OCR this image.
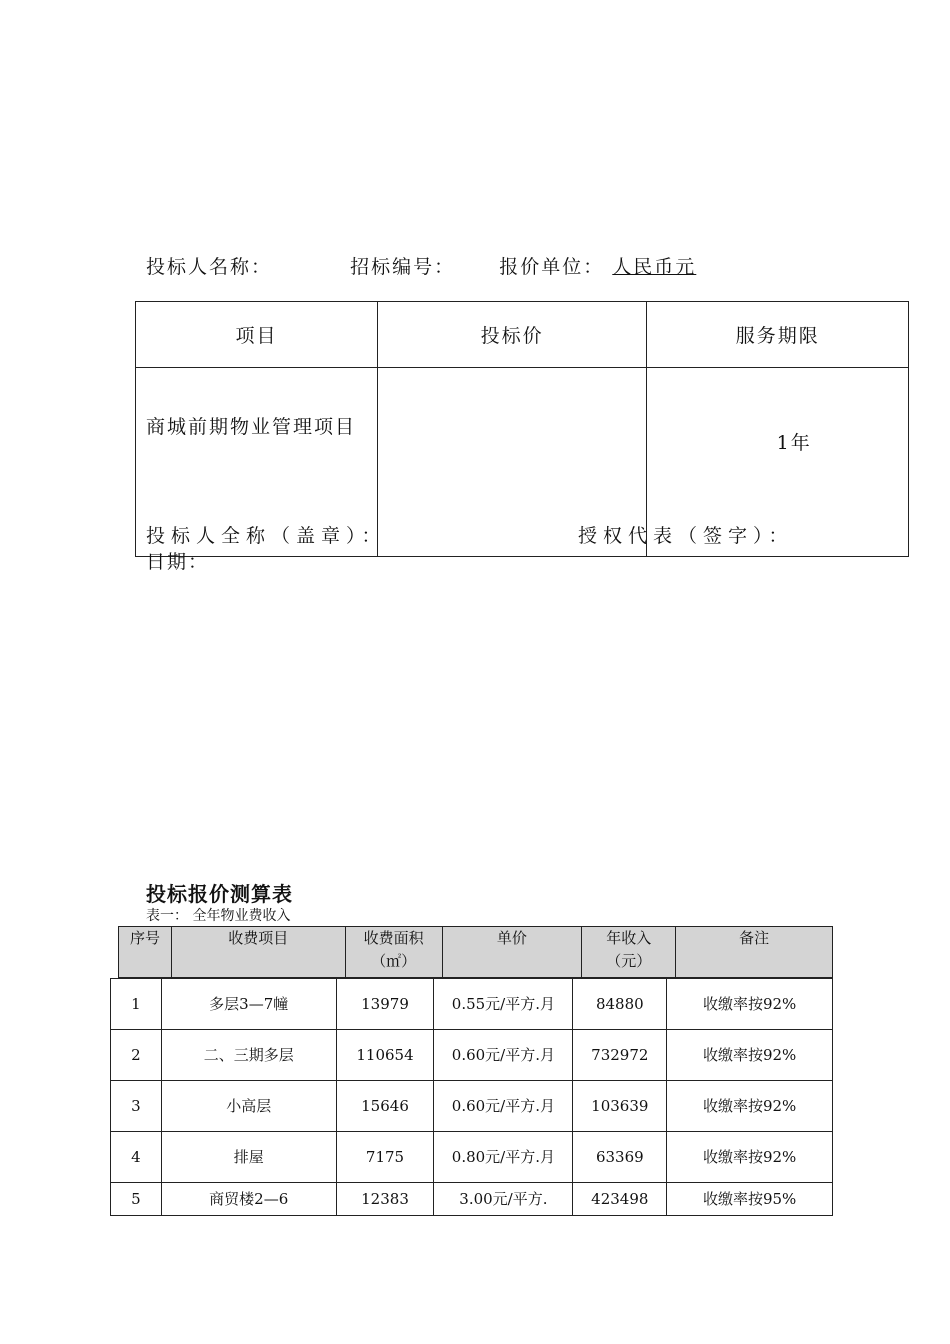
投标人名称：	招标编号： 报价单位： 人民币元
项目	投标价	服务期限
商城前期物业管理项目		1年
投标人全称（盖章）：	授权代表（签字）：
日期：
投标报价测算表
表一： 全年物业费收入
序号	收费项目	收费面积（㎡）	单价	年收入（元）	备注
1	多层3—7幢	13979	0.55元/平方.月	84880	收缴率按92%
2	二、三期多层	110654	0.60元/平方.月	732972	收缴率按92%
3	小高层	15646	0.60元/平方.月	103639	收缴率按92%
4	排屋	7175	0.80元/平方.月	63369	收缴率按92%
5	商贸楼2—6	12383	3.00元/平方.	423498	收缴率按95%
